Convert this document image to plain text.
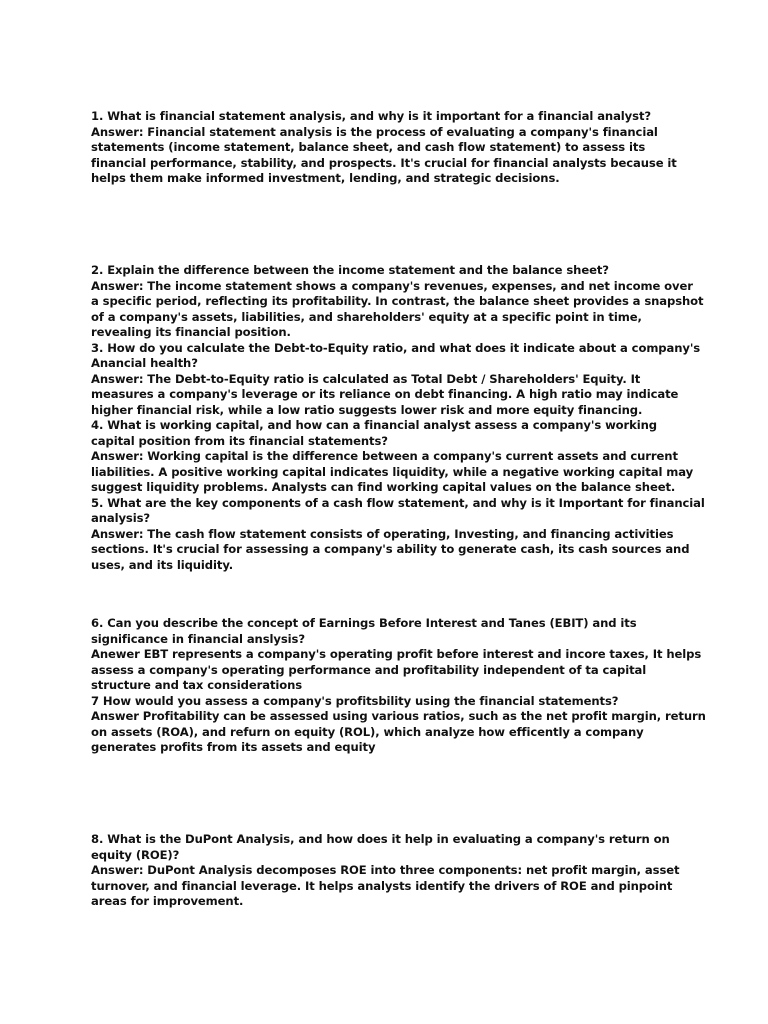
1. What is financial statement analysis, and why is it important for a financial analyst?
Answer: Financial statement analysis is the process of evaluating a company's financial
statements (income statement, balance sheet, and cash flow statement) to assess its
financial performance, stability, and prospects. It's crucial for financial analysts because it
helps them make informed investment, lending, and strategic decisions.
2. Explain the difference between the income statement and the balance sheet?
Answer: The income statement shows a company's revenues, expenses, and net income over
a specific period, reflecting its profitability. In contrast, the balance sheet provides a snapshot
of a company's assets, liabilities, and shareholders' equity at a specific point in time,
revealing its financial position.
3. How do you calculate the Debt-to-Equity ratio, and what does it indicate about a company's
Anancial health?
Answer: The Debt-to-Equity ratio is calculated as Total Debt / Shareholders' Equity. It
measures a company's leverage or its reliance on debt financing. A high ratio may indicate
higher financial risk, while a low ratio suggests lower risk and more equity financing.
4. What is working capital, and how can a financial analyst assess a company's working
capital position from its financial statements?
Answer: Working capital is the difference between a company's current assets and current
liabilities. A positive working capital indicates liquidity, while a negative working capital may
suggest liquidity problems. Analysts can find working capital values on the balance sheet.
5. What are the key components of a cash flow statement, and why is it Important for financial
analysis?
Answer: The cash flow statement consists of operating, Investing, and financing activities
sections. It's crucial for assessing a company's ability to generate cash, its cash sources and
uses, and its liquidity.
6. Can you describe the concept of Earnings Before Interest and Tanes (EBIT) and its
significance in financial anslysis?
Anewer EBT represents a company's operating profit before interest and incore taxes, It helps
assess a company's operating performance and profitability independent of ta capital
structure and tax considerations
7 How would you assess a company's profitsbility using the financial statements?
Answer Profitability can be assessed using various ratios, such as the net profit margin, return
on assets (ROA), and refurn on equity (ROL), which analyze how efficently a company
generates profits from its assets and equity
8. What is the DuPont Analysis, and how does it help in evaluating a company's return on
equity (ROE)?
Answer: DuPont Analysis decomposes ROE into three components: net profit margin, asset
turnover, and financial leverage. It helps analysts identify the drivers of ROE and pinpoint
areas for improvement.
